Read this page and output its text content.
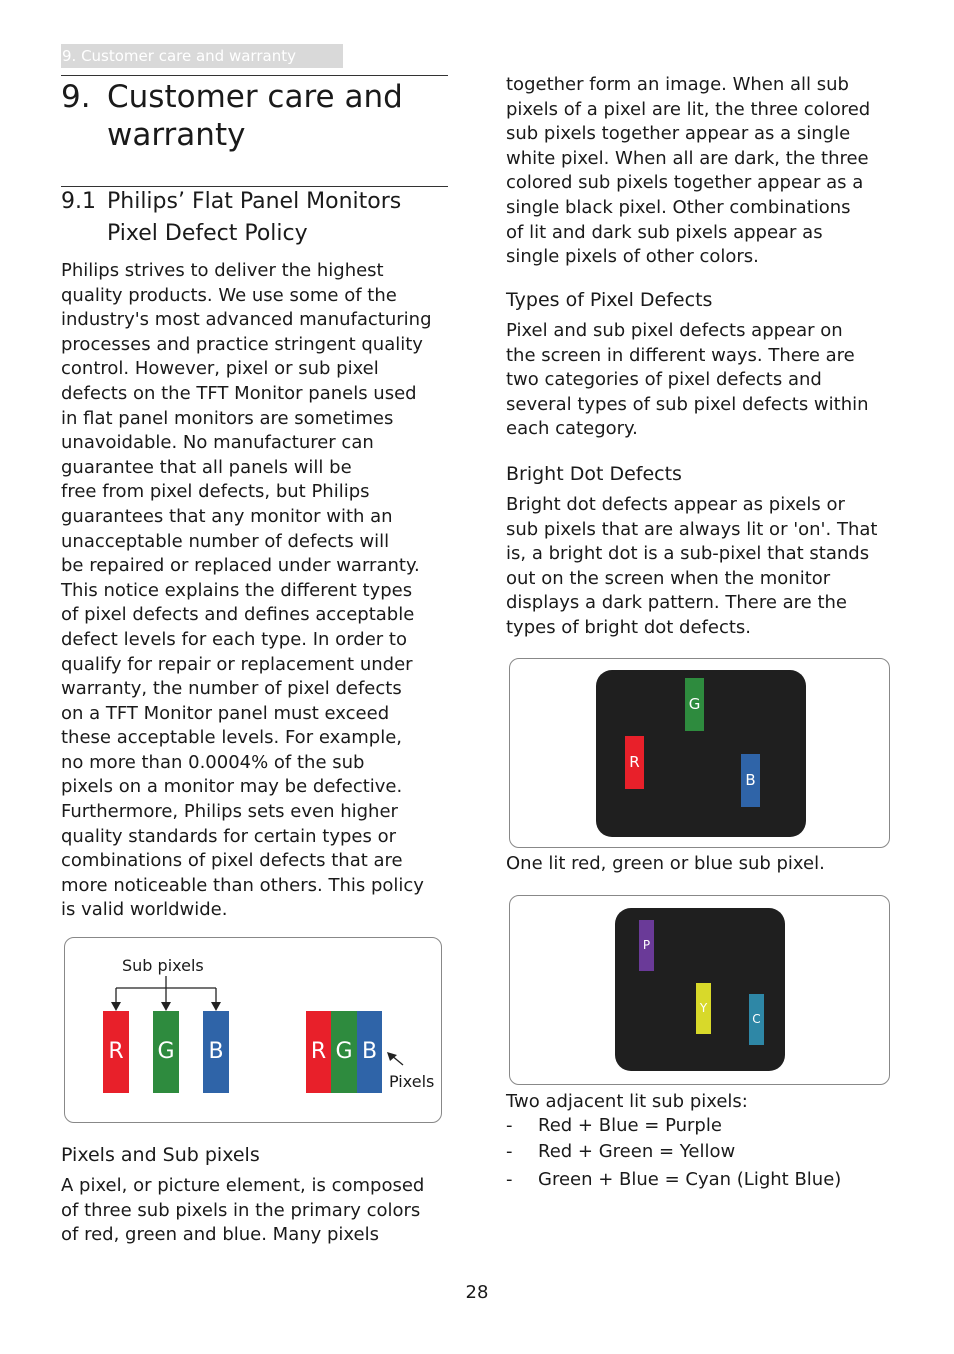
9. Customer care and warranty
9. Customer care and warranty
9.1 Philips’ Flat Panel Monitors Pixel Defect Policy
Philips strives to deliver the highest
quality products. We use some of the
industry's most advanced manufacturing
processes and practice stringent quality
control. However, pixel or sub pixel
defects on the TFT Monitor panels used
in flat panel monitors are sometimes
unavoidable. No manufacturer can
guarantee that all panels will be
free from pixel defects, but Philips
guarantees that any monitor with an
unacceptable number of defects will
be repaired or replaced under warranty.
This notice explains the different types
of pixel defects and defines acceptable
defect levels for each type. In order to
qualify for repair or replacement under
warranty, the number of pixel defects
on a TFT Monitor panel must exceed
these acceptable levels. For example,
no more than 0.0004% of the sub
pixels on a monitor may be defective.
Furthermore, Philips sets even higher
quality standards for certain types or
combinations of pixel defects that are
more noticeable than others. This policy
is valid worldwide.
Sub pixels
R G B	R G B
Pixels
Pixels and Sub pixels
A pixel, or picture element, is composed
of three sub pixels in the primary colors
of red, green and blue. Many pixels
together form an image. When all sub
pixels of a pixel are lit, the three colored
sub pixels together appear as a single
white pixel. When all are dark, the three
colored sub pixels together appear as a
single black pixel. Other combinations
of lit and dark sub pixels appear as
single pixels of other colors.
Types of Pixel Defects
Pixel and sub pixel defects appear on
the screen in different ways. There are
two categories of pixel defects and
several types of sub pixel defects within
each category.
Bright Dot Defects
Bright dot defects appear as pixels or
sub pixels that are always lit or 'on'. That
is, a bright dot is a sub-pixel that stands
out on the screen when the monitor
displays a dark pattern. There are the
types of bright dot defects.
G
R
B
One lit red, green or blue sub pixel.
P
Y
C
Two adjacent lit sub pixels:
- Red + Blue = Purple
- Red + Green = Yellow
- Green + Blue = Cyan (Light Blue)
28
